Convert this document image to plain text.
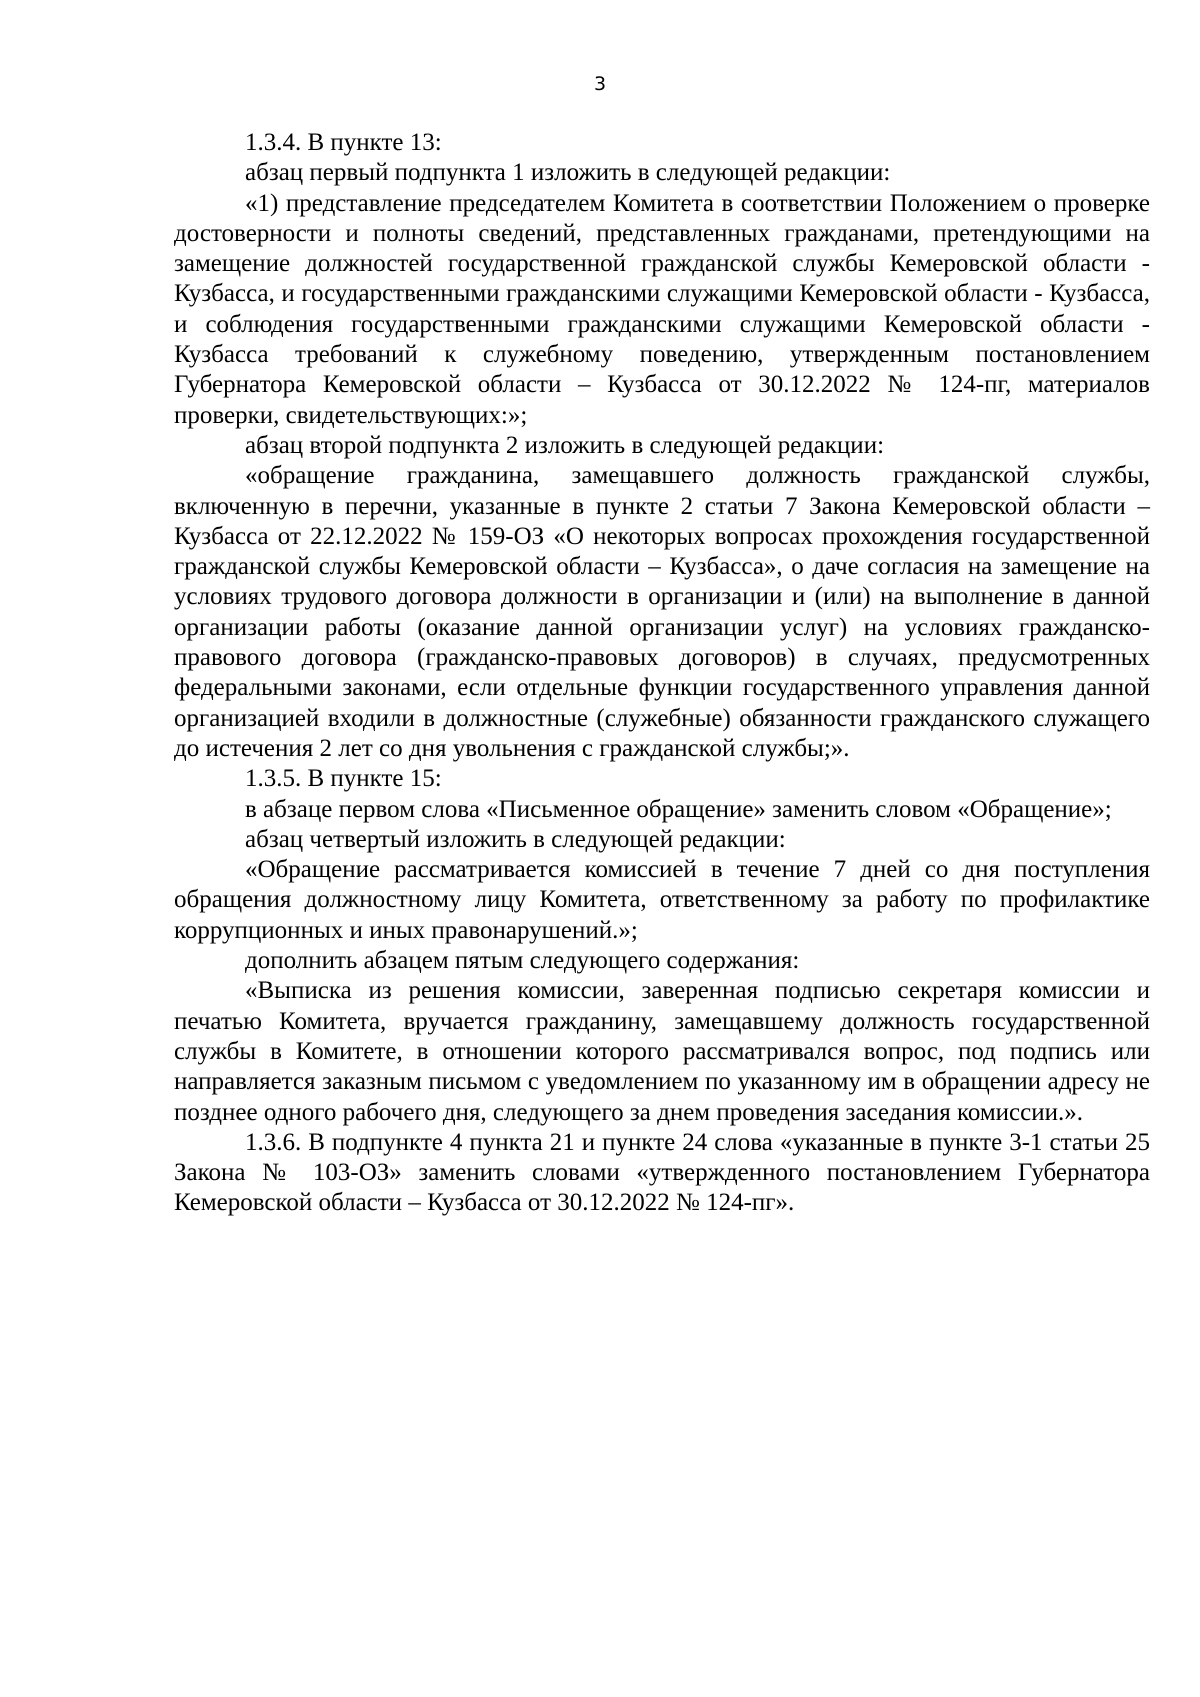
3

1.3.4. В пункте 13:

абзац первый подпункта 1 изложить в следующей редакции:

«1) представление председателем Комитета в соответствии Положением о проверке достоверности и полноты сведений, представленных гражданами, претендующими на замещение должностей государственной гражданской службы Кемеровской области - Кузбасса, и государственными гражданскими служащими Кемеровской области - Кузбасса, и соблюдения государственными гражданскими служащими Кемеровской области - Кузбасса требований к служебному поведению, утвержденным постановлением Губернатора Кемеровской области – Кузбасса от 30.12.2022 № 124-пг, материалов проверки, свидетельствующих:»;

абзац второй подпункта 2 изложить в следующей редакции:

«обращение гражданина, замещавшего должность гражданской службы, включенную в перечни, указанные в пункте 2 статьи 7 Закона Кемеровской области – Кузбасса от 22.12.2022 № 159-ОЗ «О некоторых вопросах прохождения государственной гражданской службы Кемеровской области – Кузбасса», о даче согласия на замещение на условиях трудового договора должности в организации и (или) на выполнение в данной организации работы (оказание данной организации услуг) на условиях гражданско-правового договора (гражданско-правовых договоров) в случаях, предусмотренных федеральными законами, если отдельные функции государственного управления данной организацией входили в должностные (служебные) обязанности гражданского служащего до истечения 2 лет со дня увольнения с гражданской службы;».

1.3.5. В пункте 15:

в абзаце первом слова «Письменное обращение» заменить словом «Обращение»;

абзац четвертый изложить в следующей редакции:

«Обращение рассматривается комиссией в течение 7 дней со дня поступления обращения должностному лицу Комитета, ответственному за работу по профилактике коррупционных и иных правонарушений.»;

дополнить абзацем пятым следующего содержания:

«Выписка из решения комиссии, заверенная подписью секретаря комиссии и печатью Комитета, вручается гражданину, замещавшему должность государственной службы в Комитете, в отношении которого рассматривался вопрос, под подпись или направляется заказным письмом с уведомлением по указанному им в обращении адресу не позднее одного рабочего дня, следующего за днем проведения заседания комиссии.».

1.3.6. В подпункте 4 пункта 21 и пункте 24 слова «указанные в пункте 3-1 статьи 25 Закона № 103-ОЗ» заменить словами «утвержденного постановлением Губернатора Кемеровской области – Кузбасса от 30.12.2022 № 124-пг».
